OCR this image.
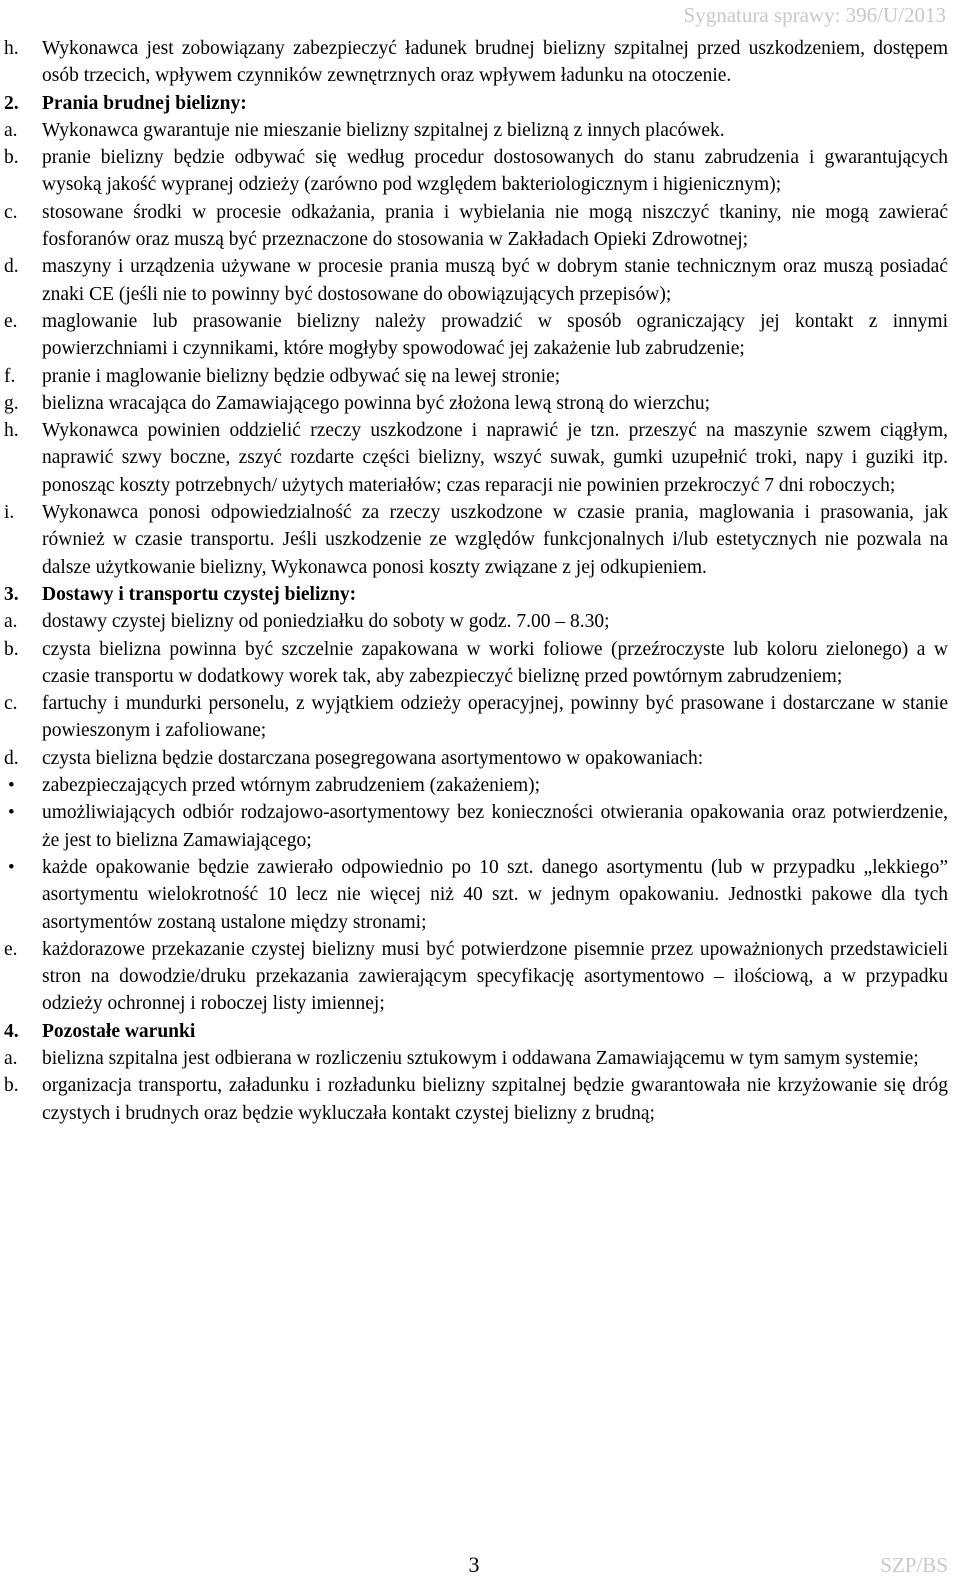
Sygnatura sprawy: 396/U/2013
h. Wykonawca jest zobowiązany zabezpieczyć ładunek brudnej bielizny szpitalnej przed uszkodzeniem, dostępem osób trzecich, wpływem czynników zewnętrznych oraz wpływem ładunku na otoczenie.
2. Prania brudnej bielizny:
a. Wykonawca gwarantuje nie mieszanie bielizny szpitalnej z bielizną z innych placówek.
b. pranie bielizny będzie odbywać się według procedur dostosowanych do stanu zabrudzenia i gwarantujących wysoką jakość wypranej odzieży (zarówno pod względem bakteriologicznym i higienicznym);
c. stosowane środki w procesie odkażania, prania i wybielania nie mogą niszczyć tkaniny, nie mogą zawierać fosforanów oraz muszą być przeznaczone do stosowania w Zakładach Opieki Zdrowotnej;
d. maszyny i urządzenia używane w procesie prania muszą być w dobrym stanie technicznym oraz muszą posiadać znaki CE (jeśli nie to powinny być dostosowane do obowiązujących przepisów);
e. maglowanie lub prasowanie bielizny należy prowadzić w sposób ograniczający jej kontakt z innymi powierzchniami i czynnikami, które mogłyby spowodować jej zakażenie lub zabrudzenie;
f. pranie i maglowanie bielizny będzie odbywać się na lewej stronie;
g. bielizna wracająca do Zamawiającego powinna być złożona lewą stroną do wierzchu;
h. Wykonawca powinien oddzielić rzeczy uszkodzone i naprawić je tzn. przeszyć na maszynie szwem ciągłym, naprawić szwy boczne, zszyć rozdarte części bielizny, wszyć suwak, gumki uzupełnić troki, napy i guziki itp. ponosząc koszty potrzebnych/ użytych materiałów; czas reparacji nie powinien przekroczyć 7 dni roboczych;
i. Wykonawca ponosi odpowiedzialność za rzeczy uszkodzone w czasie prania, maglowania i prasowania, jak również w czasie transportu. Jeśli uszkodzenie ze względów funkcjonalnych i/lub estetycznych nie pozwala na dalsze użytkowanie bielizny, Wykonawca ponosi koszty związane z jej odkupieniem.
3. Dostawy i transportu czystej bielizny:
a. dostawy czystej bielizny od poniedziałku do soboty w godz. 7.00 – 8.30;
b. czysta bielizna powinna być szczelnie zapakowana w worki foliowe (przeźroczyste lub koloru zielonego) a w czasie transportu w dodatkowy worek tak, aby zabezpieczyć bieliznę przed powtórnym zabrudzeniem;
c. fartuchy i mundurki personelu, z wyjątkiem odzieży operacyjnej, powinny być prasowane i dostarczane w stanie powieszonym i zafoliowane;
d. czysta bielizna będzie dostarczana posegregowana asortymentowo w opakowaniach:
• zabezpieczających przed wtórnym zabrudzeniem (zakażeniem);
• umożliwiających odbiór rodzajowo-asortymentowy bez konieczności otwierania opakowania oraz potwierdzenie, że jest to bielizna Zamawiającego;
• każde opakowanie będzie zawierało odpowiednio po 10 szt. danego asortymentu (lub w przypadku „lekkiego” asortymentu wielokrotność 10 lecz nie więcej niż 40 szt. w jednym opakowaniu. Jednostki pakowe dla tych asortymentów zostaną ustalone między stronami;
e. każdorazowe przekazanie czystej bielizny musi być potwierdzone pisemnie przez upoważnionych przedstawicieli stron na dowodzie/druku przekazania zawierającym specyfikację asortymentowo – ilościową, a w przypadku odzieży ochronnej i roboczej listy imiennej;
4. Pozostałe warunki
a. bielizna szpitalna jest odbierana w rozliczeniu sztukowym i oddawana Zamawiającemu w tym samym systemie;
b. organizacja transportu, załadunku i rozładunku bielizny szpitalnej będzie gwarantowała nie krzyżowanie się dróg czystych i brudnych oraz będzie wykluczała kontakt czystej bielizny z brudną;
3	SZP/BS
